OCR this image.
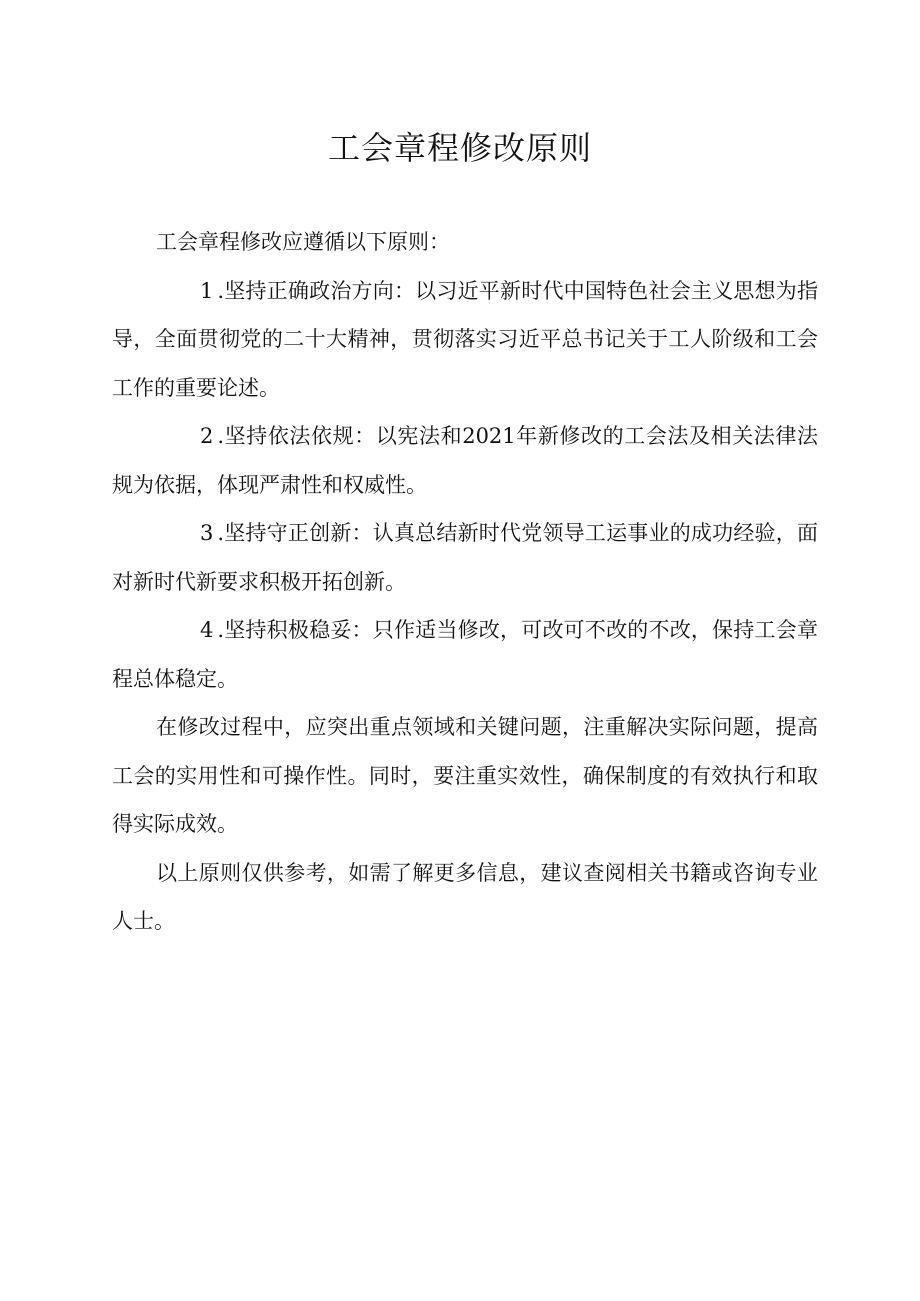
工会章程修改原则

工会章程修改应遵循以下原则：

1 .坚持正确政治方向：以习近平新时代中国特色社会主义思想为指导，全面贯彻党的二十大精神，贯彻落实习近平总书记关于工人阶级和工会工作的重要论述。

2 .坚持依法依规：以宪法和2021年新修改的工会法及相关法律法规为依据，体现严肃性和权威性。

3 .坚持守正创新：认真总结新时代党领导工运事业的成功经验，面对新时代新要求积极开拓创新。

4 .坚持积极稳妥：只作适当修改，可改可不改的不改，保持工会章程总体稳定。

在修改过程中，应突出重点领域和关键问题，注重解决实际问题，提高工会的实用性和可操作性。同时，要注重实效性，确保制度的有效执行和取得实际成效。

以上原则仅供参考，如需了解更多信息，建议查阅相关书籍或咨询专业人士。
